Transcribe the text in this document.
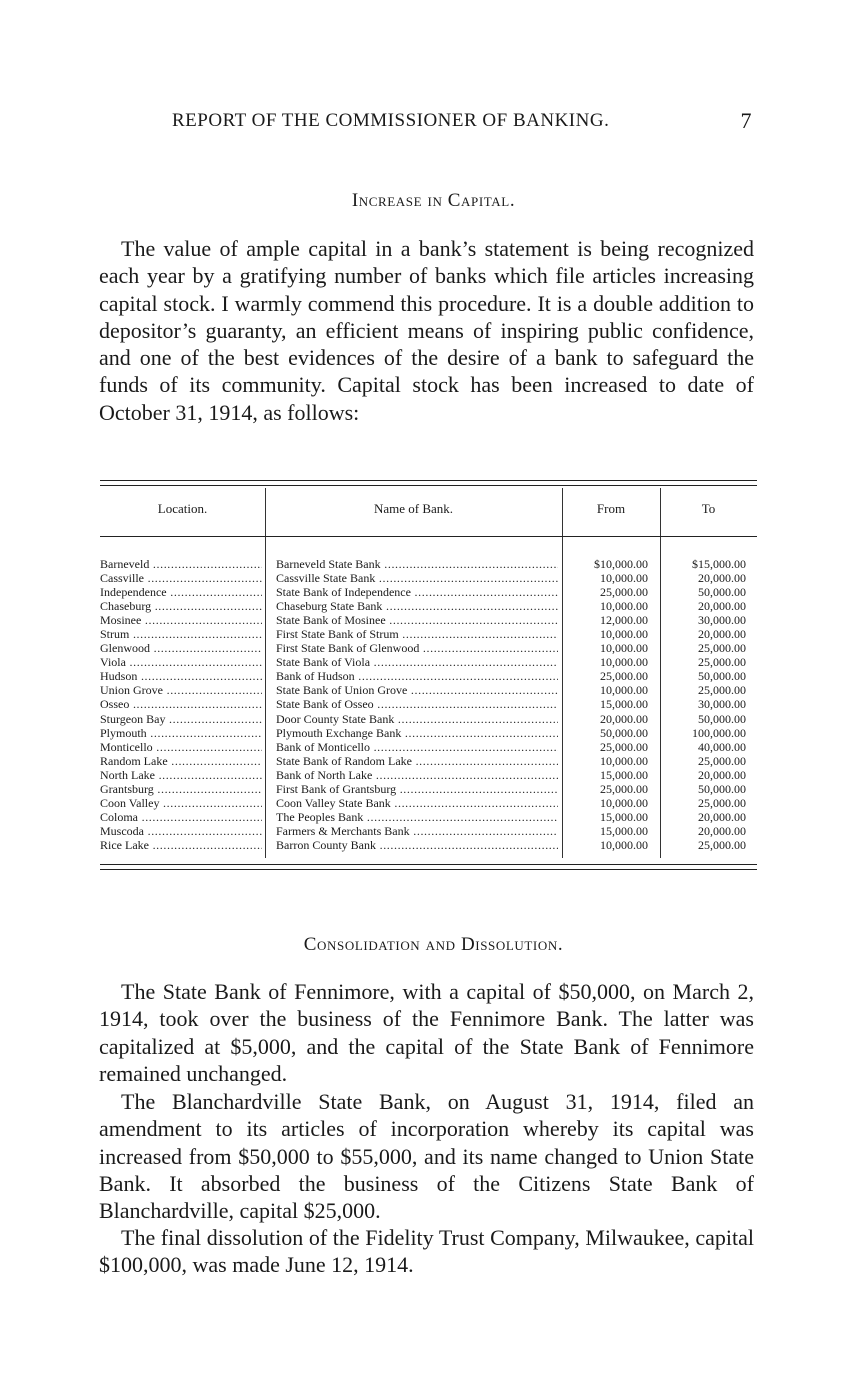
REPORT OF THE COMMISSIONER OF BANKING.	7
Increase in Capital.

The value of ample capital in a bank’s statement is being recognized each year by a gratifying number of banks which file articles increasing capital stock. I warmly commend this procedure. It is a double addition to depositor’s guaranty, an efficient means of inspiring public confidence, and one of the best evidences of the desire of a bank to safeguard the funds of its community. Capital stock has been increased to date of October 31, 1914, as follows:

Location.	Name of Bank.	From	To
Barneveld .....	Barneveld State Bank .....	$10,000.00	$15,000.00
Cassville .....	Cassville State Bank .....	10,000.00	20,000.00
Independence .....	State Bank of Independence .....	25,000.00	50,000.00
Chaseburg .....	Chaseburg State Bank .....	10,000.00	20,000.00
Mosinee .....	State Bank of Mosinee .....	12,000.00	30,000.00
Strum .....	First State Bank of Strum .....	10,000.00	20,000.00
Glenwood .....	First State Bank of Glenwood .....	10,000.00	25,000.00
Viola .....	State Bank of Viola .....	10,000.00	25,000.00
Hudson .....	Bank of Hudson .....	25,000.00	50,000.00
Union Grove .....	State Bank of Union Grove .....	10,000.00	25,000.00
Osseo .....	State Bank of Osseo .....	15,000.00	30,000.00
Sturgeon Bay .....	Door County State Bank .....	20,000.00	50,000.00
Plymouth .....	Plymouth Exchange Bank .....	50,000.00	100,000.00
Monticello .....	Bank of Monticello .....	25,000.00	40,000.00
Random Lake .....	State Bank of Random Lake .....	10,000.00	25,000.00
North Lake .....	Bank of North Lake .....	15,000.00	20,000.00
Grantsburg .....	First Bank of Grantsburg .....	25,000.00	50,000.00
Coon Valley .....	Coon Valley State Bank .....	10,000.00	25,000.00
Coloma .....	The Peoples Bank .....	15,000.00	20,000.00
Muscoda .....	Farmers & Merchants Bank .....	15,000.00	20,000.00
Rice Lake .....	Barron County Bank .....	10,000.00	25,000.00
Consolidation and Dissolution.

The State Bank of Fennimore, with a capital of $50,000, on March 2, 1914, took over the business of the Fennimore Bank. The latter was capitalized at $5,000, and the capital of the State Bank of Fennimore remained unchanged.

The Blanchardville State Bank, on August 31, 1914, filed an amendment to its articles of incorporation whereby its capital was increased from $50,000 to $55,000, and its name changed to Union State Bank. It absorbed the business of the Citizens State Bank of Blanchardville, capital $25,000.

The final dissolution of the Fidelity Trust Company, Milwaukee, capital $100,000, was made June 12, 1914.
